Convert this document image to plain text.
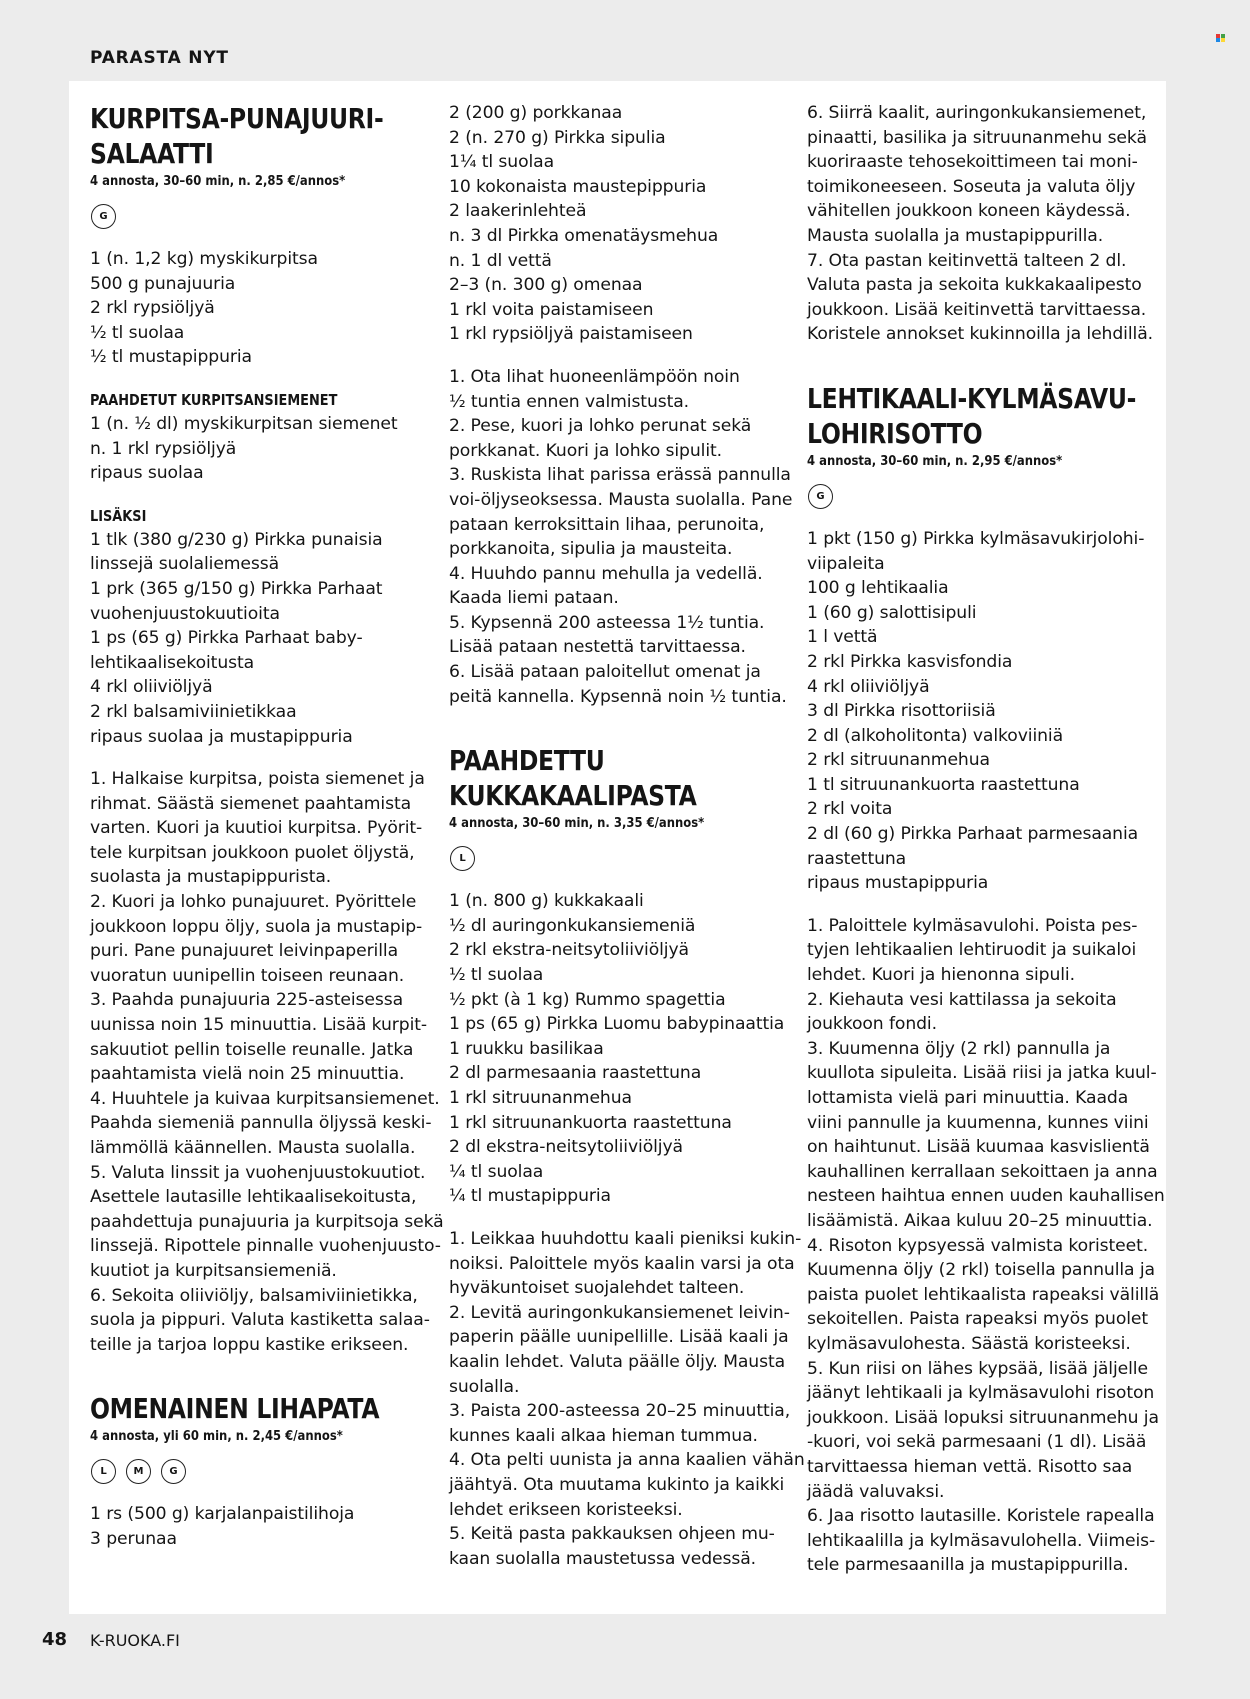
PARASTA NYT
KURPITSA-PUNAJUURI-
SALAATTI
4 annosta, 30–60 min, n. 2,85 €/annos*
G
1 (n. 1,2 kg) myskikurpitsa
500 g punajuuria
2 rkl rypsiöljyä
½ tl suolaa
½ tl mustapippuria
PAAHDETUT KURPITSANSIEMENET
1 (n. ½ dl) myskikurpitsan siemenet
n. 1 rkl rypsiöljyä
ripaus suolaa
LISÄKSI
1 tlk (380 g/230 g) Pirkka punaisia
linssejä suolaliemessä
1 prk (365 g/150 g) Pirkka Parhaat
vuohenjuustokuutioita
1 ps (65 g) Pirkka Parhaat baby-
lehtikaalisekoitusta
4 rkl oliiviöljyä
2 rkl balsamiviinietikkaa
ripaus suolaa ja mustapippuria
1. Halkaise kurpitsa, poista siemenet ja
rihmat. Säästä siemenet paahtamista
varten. Kuori ja kuutioi kurpitsa. Pyörit-
tele kurpitsan joukkoon puolet öljystä,
suolasta ja mustapippurista.
2. Kuori ja lohko punajuuret. Pyörittele
joukkoon loppu öljy, suola ja mustapip-
puri. Pane punajuuret leivinpaperilla
vuoratun uunipellin toiseen reunaan.
3. Paahda punajuuria 225-asteisessa
uunissa noin 15 minuuttia. Lisää kurpit-
sakuutiot pellin toiselle reunalle. Jatka
paahtamista vielä noin 25 minuuttia.
4. Huuhtele ja kuivaa kurpitsansiemenet.
Paahda siemeniä pannulla öljyssä keski-
lämmöllä käännellen. Mausta suolalla.
5. Valuta linssit ja vuohenjuustokuutiot.
Asettele lautasille lehtikaalisekoitusta,
paahdettuja punajuuria ja kurpitsoja sekä
linssejä. Ripottele pinnalle vuohenjuusto-
kuutiot ja kurpitsansiemeniä.
6. Sekoita oliiviöljy, balsamiviinietikka,
suola ja pippuri. Valuta kastiketta salaa-
teille ja tarjoa loppu kastike erikseen.
OMENAINEN LIHAPATA
4 annosta, yli 60 min, n. 2,45 €/annos*
L	M	G
1 rs (500 g) karjalanpaistilihoja
3 perunaa
2 (200 g) porkkanaa
2 (n. 270 g) Pirkka sipulia
1¼ tl suolaa
10 kokonaista maustepippuria
2 laakerinlehteä
n. 3 dl Pirkka omenatäysmehua
n. 1 dl vettä
2–3 (n. 300 g) omenaa
1 rkl voita paistamiseen
1 rkl rypsiöljyä paistamiseen
1. Ota lihat huoneenlämpöön noin
½ tuntia ennen valmistusta.
2. Pese, kuori ja lohko perunat sekä
porkkanat. Kuori ja lohko sipulit.
3. Ruskista lihat parissa erässä pannulla
voi-öljyseoksessa. Mausta suolalla. Pane
pataan kerroksittain lihaa, perunoita,
porkkanoita, sipulia ja mausteita.
4. Huuhdo pannu mehulla ja vedellä.
Kaada liemi pataan.
5. Kypsennä 200 asteessa 1½ tuntia.
Lisää pataan nestettä tarvittaessa.
6. Lisää pataan paloitellut omenat ja
peitä kannella. Kypsennä noin ½ tuntia.
PAAHDETTU
KUKKAKAALIPASTA
4 annosta, 30–60 min, n. 3,35 €/annos*
L
1 (n. 800 g) kukkakaali
½ dl auringonkukansiemeniä
2 rkl ekstra-neitsytoliiviöljyä
½ tl suolaa
½ pkt (à 1 kg) Rummo spagettia
1 ps (65 g) Pirkka Luomu babypinaattia
1 ruukku basilikaa
2 dl parmesaania raastettuna
1 rkl sitruunanmehua
1 rkl sitruunankuorta raastettuna
2 dl ekstra-neitsytoliiviöljyä
¼ tl suolaa
¼ tl mustapippuria
1. Leikkaa huuhdottu kaali pieniksi kukin-
noiksi. Paloittele myös kaalin varsi ja ota
hyväkuntoiset suojalehdet talteen.
2. Levitä auringonkukansiemenet leivin-
paperin päälle uunipellille. Lisää kaali ja
kaalin lehdet. Valuta päälle öljy. Mausta
suolalla.
3. Paista 200-asteessa 20–25 minuuttia,
kunnes kaali alkaa hieman tummua.
4. Ota pelti uunista ja anna kaalien vähän
jäähtyä. Ota muutama kukinto ja kaikki
lehdet erikseen koristeeksi.
5. Keitä pasta pakkauksen ohjeen mu-
kaan suolalla maustetussa vedessä.
6. Siirrä kaalit, auringonkukansiemenet,
pinaatti, basilika ja sitruunanmehu sekä
kuoriraaste tehosekoittimeen tai moni-
toimikoneeseen. Soseuta ja valuta öljy
vähitellen joukkoon koneen käydessä.
Mausta suolalla ja mustapippurilla.
7. Ota pastan keitinvettä talteen 2 dl.
Valuta pasta ja sekoita kukkakaalipesto
joukkoon. Lisää keitinvettä tarvittaessa.
Koristele annokset kukinnoilla ja lehdillä.
LEHTIKAALI-KYLMÄSAVU-
LOHIRISOTTO
4 annosta, 30–60 min, n. 2,95 €/annos*
G
1 pkt (150 g) Pirkka kylmäsavukirjolohi-
viipaleita
100 g lehtikaalia
1 (60 g) salottisipuli
1 l vettä
2 rkl Pirkka kasvisfondia
4 rkl oliiviöljyä
3 dl Pirkka risottoriisiä
2 dl (alkoholitonta) valkoviiniä
2 rkl sitruunanmehua
1 tl sitruunankuorta raastettuna
2 rkl voita
2 dl (60 g) Pirkka Parhaat parmesaania
raastettuna
ripaus mustapippuria
1. Paloittele kylmäsavulohi. Poista pes-
tyjen lehtikaalien lehtiruodit ja suikaloi
lehdet. Kuori ja hienonna sipuli.
2. Kiehauta vesi kattilassa ja sekoita
joukkoon fondi.
3. Kuumenna öljy (2 rkl) pannulla ja
kuullota sipuleita. Lisää riisi ja jatka kuul-
lottamista vielä pari minuuttia. Kaada
viini pannulle ja kuumenna, kunnes viini
on haihtunut. Lisää kuumaa kasvislientä
kauhallinen kerrallaan sekoittaen ja anna
nesteen haihtua ennen uuden kauhallisen
lisäämistä. Aikaa kuluu 20–25 minuuttia.
4. Risoton kypsyessä valmista koristeet.
Kuumenna öljy (2 rkl) toisella pannulla ja
paista puolet lehtikaalista rapeaksi välillä
sekoitellen. Paista rapeaksi myös puolet
kylmäsavulohesta. Säästä koristeeksi.
5. Kun riisi on lähes kypsää, lisää jäljelle
jäänyt lehtikaali ja kylmäsavulohi risoton
joukkoon. Lisää lopuksi sitruunanmehu ja
-kuori, voi sekä parmesaani (1 dl). Lisää
tarvittaessa hieman vettä. Risotto saa
jäädä valuvaksi.
6. Jaa risotto lautasille. Koristele rapealla
lehtikaalilla ja kylmäsavulohella. Viimeis-
tele parmesaanilla ja mustapippurilla.
48 K-RUOKA.FI
